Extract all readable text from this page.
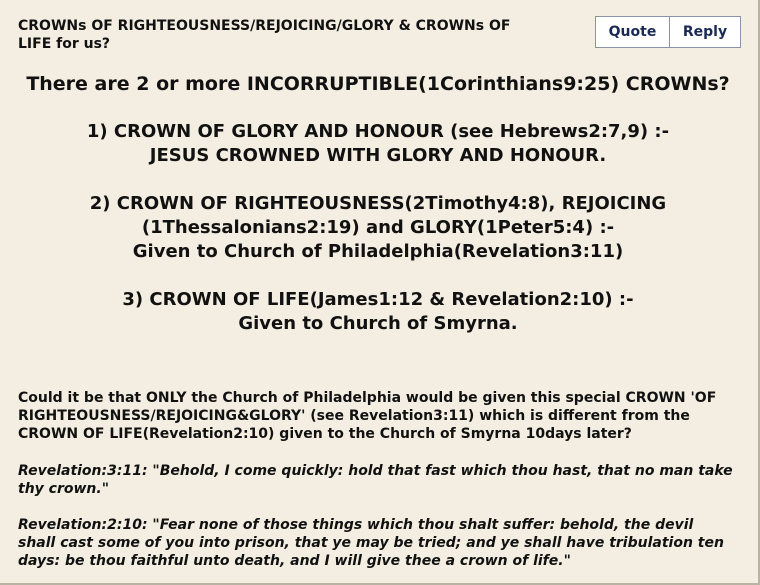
CROWNs OF RIGHTEOUSNESS/REJOICING/GLORY & CROWNs OF LIFE for us?
Quote	Reply
There are 2 or more INCORRUPTIBLE(1Corinthians9:25) CROWNs?
1) CROWN OF GLORY AND HONOUR (see Hebrews2:7,9) :-
JESUS CROWNED WITH GLORY AND HONOUR.
2) CROWN OF RIGHTEOUSNESS(2Timothy4:8), REJOICING
(1Thessalonians2:19) and GLORY(1Peter5:4) :-
Given to Church of Philadelphia(Revelation3:11)
3) CROWN OF LIFE(James1:12 & Revelation2:10) :-
Given to Church of Smyrna.
Could it be that ONLY the Church of Philadelphia would be given this special CROWN 'OF RIGHTEOUSNESS/REJOICING&GLORY' (see Revelation3:11) which is different from the CROWN OF LIFE(Revelation2:10) given to the Church of Smyrna 10days later?
Revelation:3:11: "Behold, I come quickly: hold that fast which thou hast, that no man take thy crown."
Revelation:2:10: "Fear none of those things which thou shalt suffer: behold, the devil shall cast some of you into prison, that ye may be tried; and ye shall have tribulation ten days: be thou faithful unto death, and I will give thee a crown of life."
